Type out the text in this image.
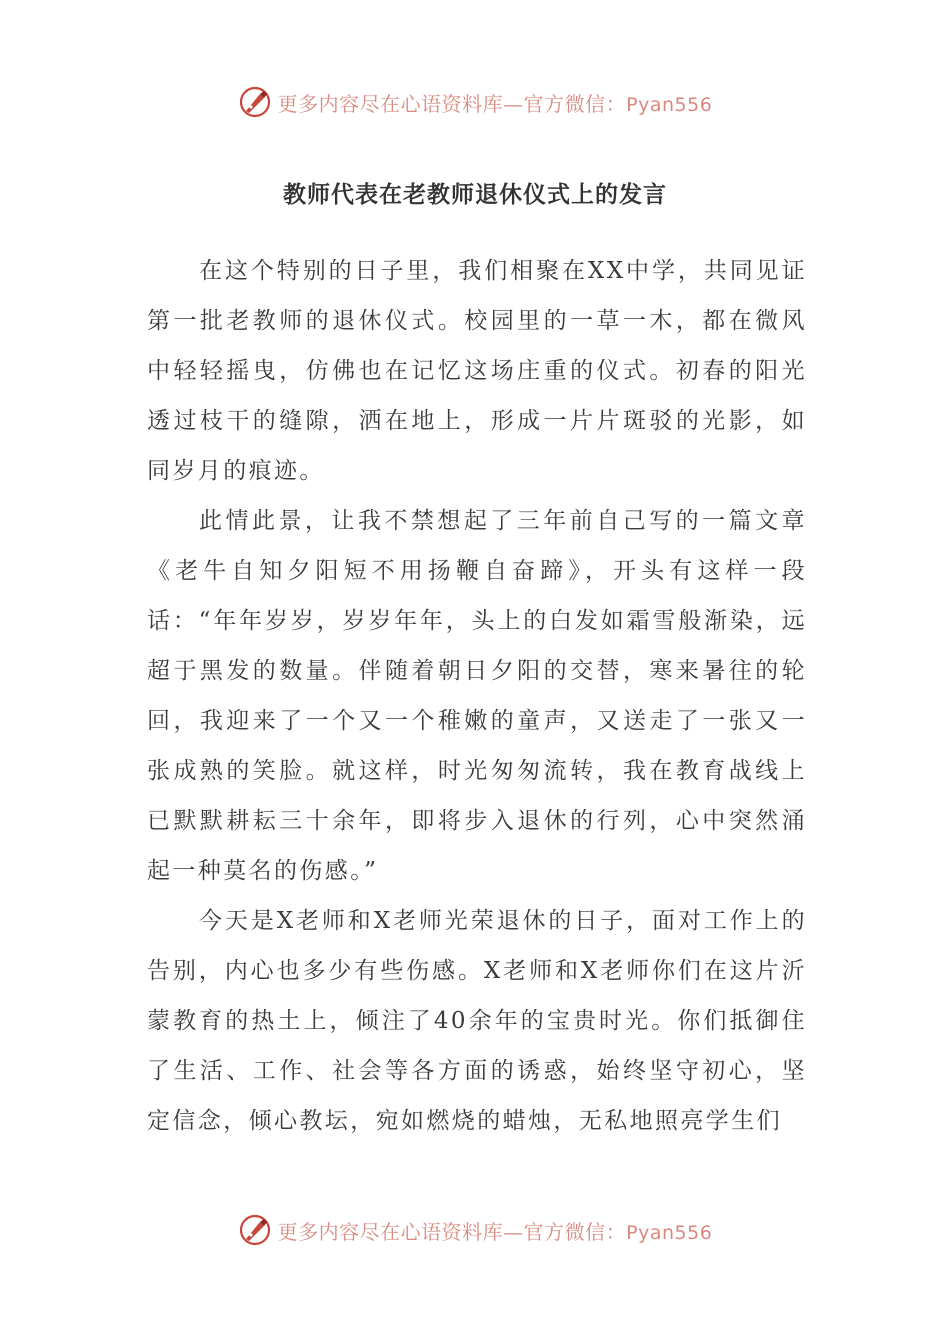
更多内容尽在心语资料库—官方微信：Pyan556
教师代表在老教师退休仪式上的发言

在这个特别的日子里，我们相聚在XX中学，共同见证第一批老教师的退休仪式。校园里的一草一木，都在微风中轻轻摇曳，仿佛也在记忆这场庄重的仪式。初春的阳光透过枝干的缝隙，洒在地上，形成一片片斑驳的光影，如同岁月的痕迹。

此情此景，让我不禁想起了三年前自己写的一篇文章《老牛自知夕阳短不用扬鞭自奋蹄》，开头有这样一段话：“年年岁岁，岁岁年年，头上的白发如霜雪般渐染，远超于黑发的数量。伴随着朝日夕阳的交替，寒来暑往的轮回，我迎来了一个又一个稚嫩的童声，又送走了一张又一张成熟的笑脸。就这样，时光匆匆流转，我在教育战线上已默默耕耘三十余年，即将步入退休的行列，心中突然涌起一种莫名的伤感。”

今天是X老师和X老师光荣退休的日子，面对工作上的告别，内心也多少有些伤感。X老师和X老师你们在这片沂蒙教育的热土上，倾注了40余年的宝贵时光。你们抵御住了生活、工作、社会等各方面的诱惑，始终坚守初心，坚定信念，倾心教坛，宛如燃烧的蜡烛，无私地照亮学生们

更多内容尽在心语资料库—官方微信：Pyan556
